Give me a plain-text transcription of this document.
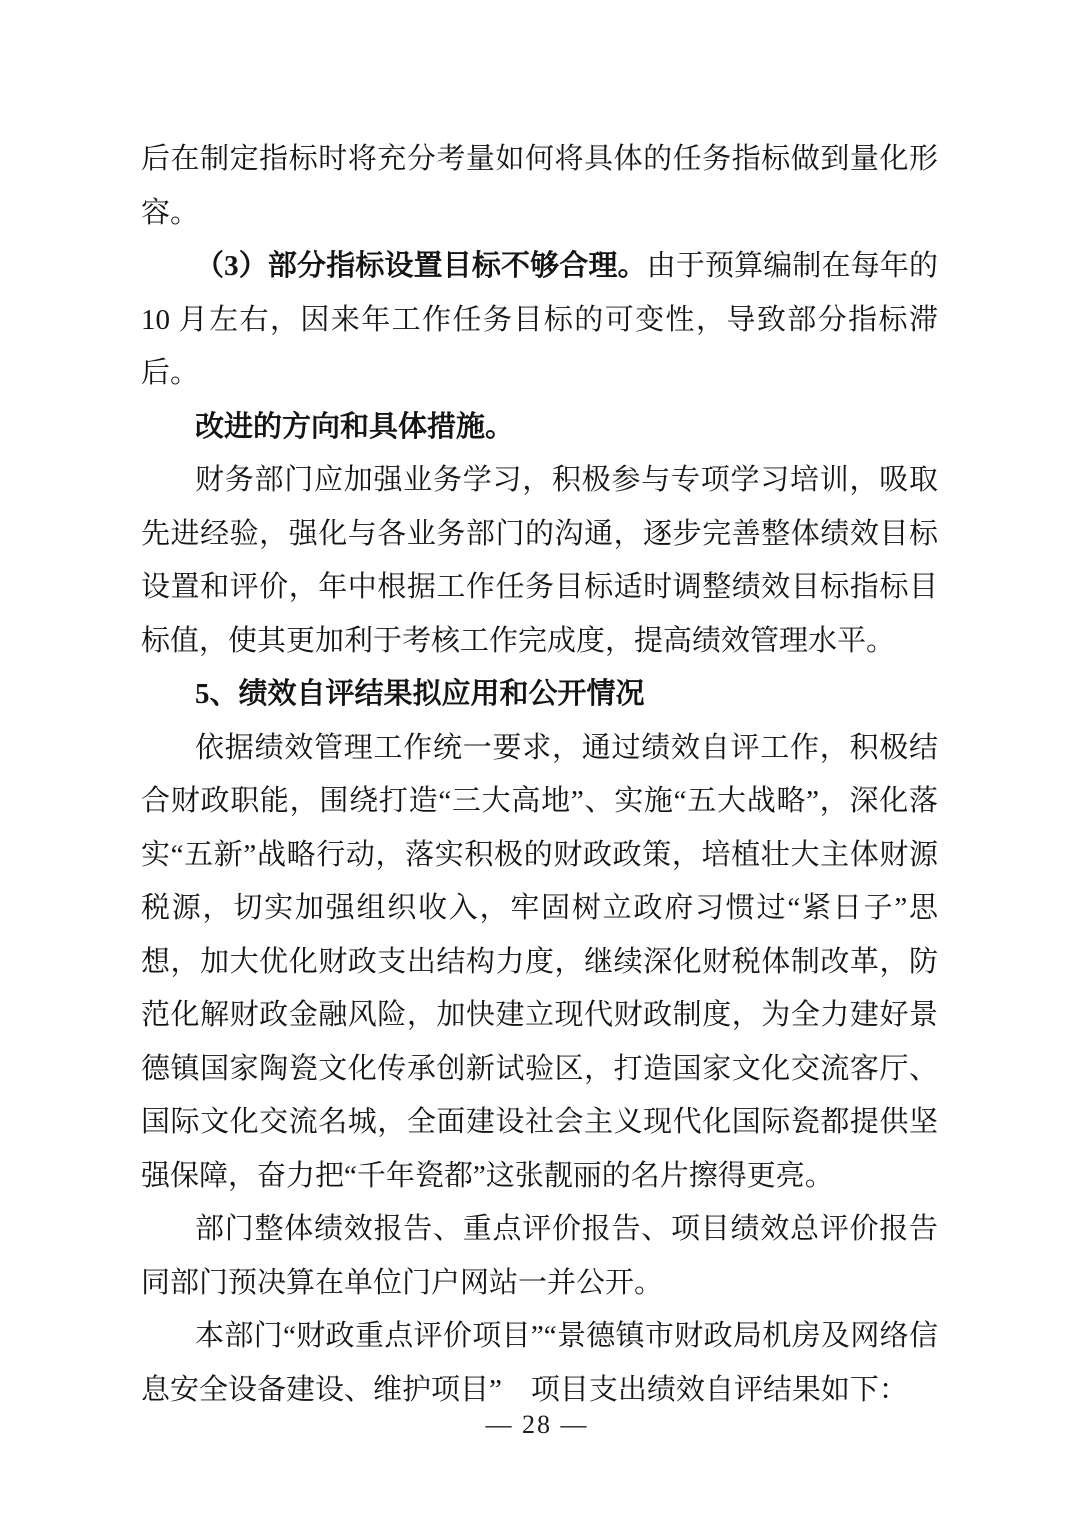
后在制定指标时将充分考量如何将具体的任务指标做到量化形容。

（3）部分指标设置目标不够合理。由于预算编制在每年的10 月左右，因来年工作任务目标的可变性，导致部分指标滞后。

改进的方向和具体措施。

财务部门应加强业务学习，积极参与专项学习培训，吸取先进经验，强化与各业务部门的沟通，逐步完善整体绩效目标设置和评价，年中根据工作任务目标适时调整绩效目标指标目标值，使其更加利于考核工作完成度，提高绩效管理水平。

5、绩效自评结果拟应用和公开情况

依据绩效管理工作统一要求，通过绩效自评工作，积极结合财政职能，围绕打造“三大高地”、实施“五大战略”，深化落实“五新”战略行动，落实积极的财政政策，培植壮大主体财源税源，切实加强组织收入，牢固树立政府习惯过“紧日子”思想，加大优化财政支出结构力度，继续深化财税体制改革，防范化解财政金融风险，加快建立现代财政制度，为全力建好景德镇国家陶瓷文化传承创新试验区，打造国家文化交流客厅、国际文化交流名城，全面建设社会主义现代化国际瓷都提供坚强保障，奋力把“千年瓷都”这张靓丽的名片擦得更亮。

部门整体绩效报告、重点评价报告、项目绩效总评价报告同部门预决算在单位门户网站一并公开。

本部门“财政重点评价项目”“景德镇市财政局机房及网络信息安全设备建设、维护项目”　项目支出绩效自评结果如下：

— 28 —
